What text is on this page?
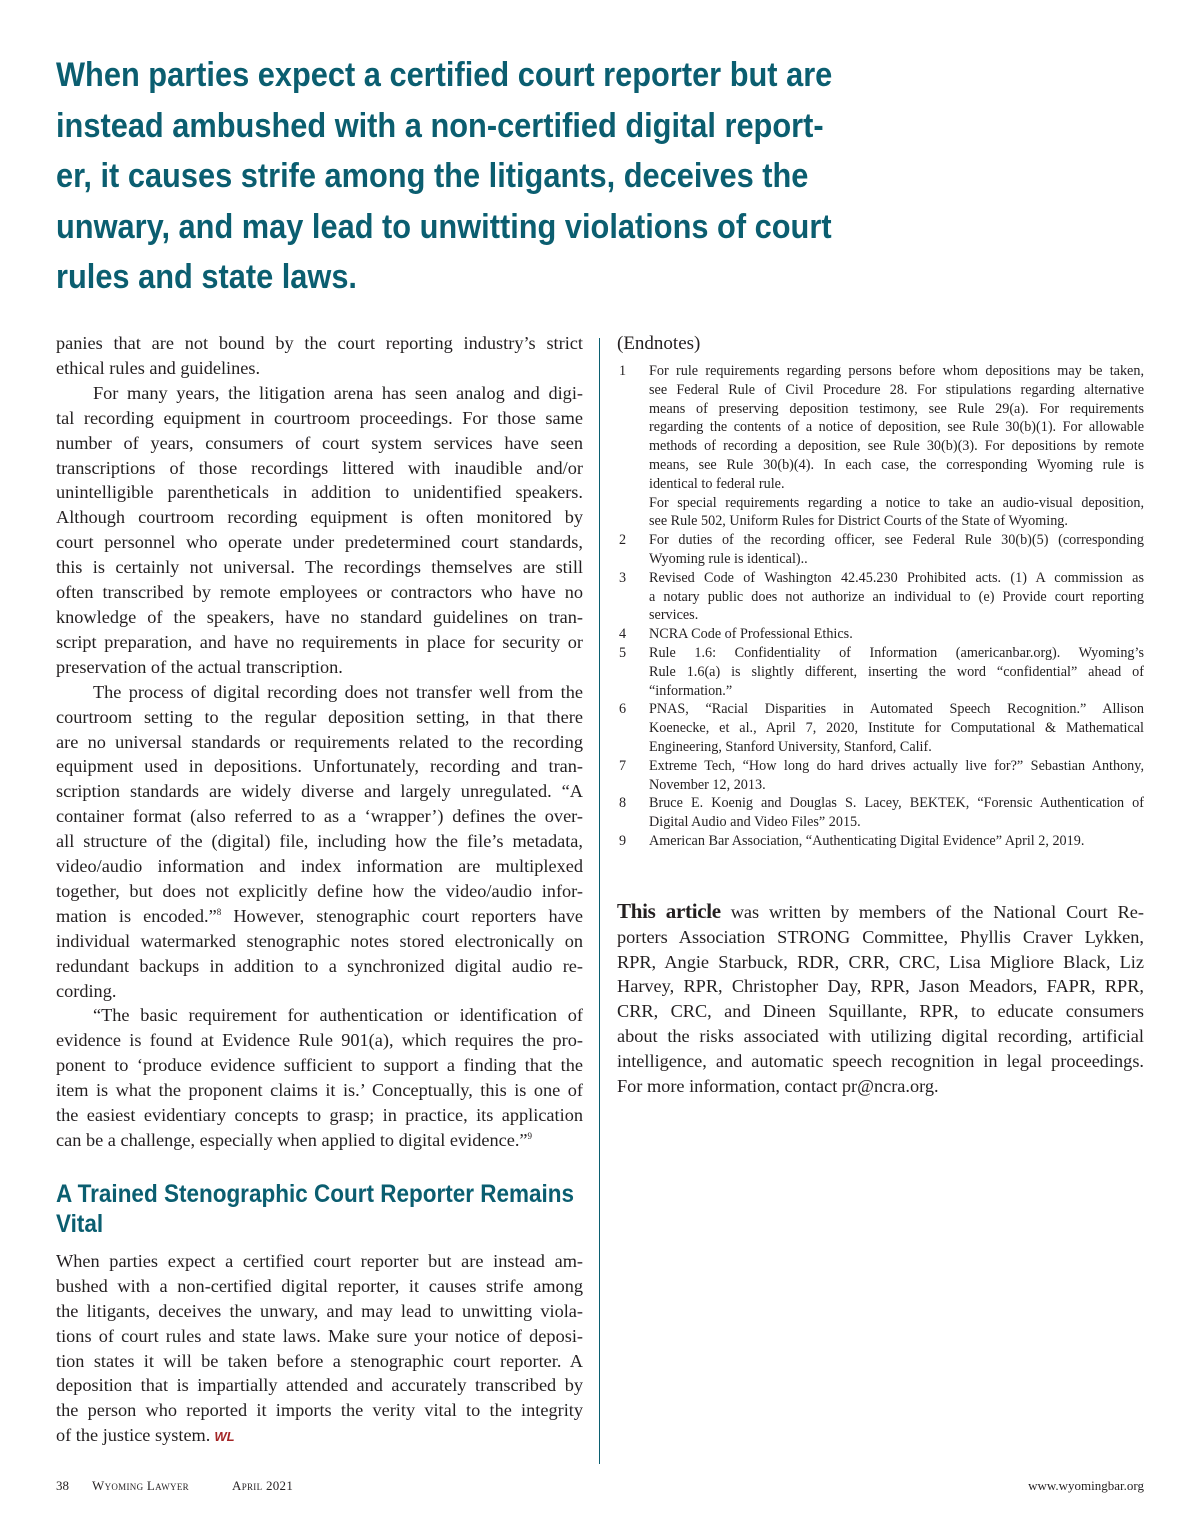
When parties expect a certified court reporter but are
instead ambushed with a non-certified digital report-
er, it causes strife among the litigants, deceives the
unwary, and may lead to unwitting violations of court
rules and state laws.
panies that are not bound by the court reporting industry’s strict
ethical rules and guidelines.
For many years, the litigation arena has seen analog and digi-
tal recording equipment in courtroom proceedings. For those same
number of years, consumers of court system services have seen
transcriptions of those recordings littered with inaudible and/or
unintelligible parentheticals in addition to unidentified speakers.
Although courtroom recording equipment is often monitored by
court personnel who operate under predetermined court standards,
this is certainly not universal. The recordings themselves are still
often transcribed by remote employees or contractors who have no
knowledge of the speakers, have no standard guidelines on tran-
script preparation, and have no requirements in place for security or
preservation of the actual transcription.
The process of digital recording does not transfer well from the
courtroom setting to the regular deposition setting, in that there
are no universal standards or requirements related to the recording
equipment used in depositions. Unfortunately, recording and tran-
scription standards are widely diverse and largely unregulated. “A
container format (also referred to as a ‘wrapper’) defines the over-
all structure of the (digital) file, including how the file’s metadata,
video/audio information and index information are multiplexed
together, but does not explicitly define how the video/audio infor-
mation is encoded.”$^8$ However, stenographic court reporters have
individual watermarked stenographic notes stored electronically on
redundant backups in addition to a synchronized digital audio re-
cording.
“The basic requirement for authentication or identification of
evidence is found at Evidence Rule 901(a), which requires the pro-
ponent to ‘produce evidence sufficient to support a finding that the
item is what the proponent claims it is.’ Conceptually, this is one of
the easiest evidentiary concepts to grasp; in practice, its application
can be a challenge, especially when applied to digital evidence.”$^9$
A Trained Stenographic Court Reporter Remains
Vital
When parties expect a certified court reporter but are instead am-
bushed with a non-certified digital reporter, it causes strife among
the litigants, deceives the unwary, and may lead to unwitting viola-
tions of court rules and state laws. Make sure your notice of deposi-
tion states it will be taken before a stenographic court reporter. A
deposition that is impartially attended and accurately transcribed by
the person who reported it imports the verity vital to the integrity
of the justice system. WL
(Endnotes)
1 For rule requirements regarding persons before whom depositions may be taken,
see Federal Rule of Civil Procedure 28. For stipulations regarding alternative
means of preserving deposition testimony, see Rule 29(a). For requirements
regarding the contents of a notice of deposition, see Rule 30(b)(1). For allowable
methods of recording a deposition, see Rule 30(b)(3). For depositions by remote
means, see Rule 30(b)(4). In each case, the corresponding Wyoming rule is
identical to federal rule.
For special requirements regarding a notice to take an audio-visual deposition,
see Rule 502, Uniform Rules for District Courts of the State of Wyoming.
2 For duties of the recording officer, see Federal Rule 30(b)(5) (corresponding
Wyoming rule is identical)..
3 Revised Code of Washington 42.45.230 Prohibited acts. (1) A commission as
a notary public does not authorize an individual to (e) Provide court reporting
services.
4 NCRA Code of Professional Ethics.
5 Rule 1.6: Confidentiality of Information (americanbar.org). Wyoming’s
Rule 1.6(a) is slightly different, inserting the word “confidential” ahead of
“information.”
6 PNAS, “Racial Disparities in Automated Speech Recognition.” Allison
Koenecke, et al., April 7, 2020, Institute for Computational & Mathematical
Engineering, Stanford University, Stanford, Calif.
7 Extreme Tech, “How long do hard drives actually live for?” Sebastian Anthony,
November 12, 2013.
8 Bruce E. Koenig and Douglas S. Lacey, BEKTEK, “Forensic Authentication of
Digital Audio and Video Files” 2015.
9 American Bar Association, “Authenticating Digital Evidence” April 2, 2019.
This article was written by members of the National Court Re-
porters Association STRONG Committee, Phyllis Craver Lykken,
RPR, Angie Starbuck, RDR, CRR, CRC, Lisa Migliore Black, Liz
Harvey, RPR, Christopher Day, RPR, Jason Meadors, FAPR, RPR,
CRR, CRC, and Dineen Squillante, RPR, to educate consumers
about the risks associated with utilizing digital recording, artificial
intelligence, and automatic speech recognition in legal proceedings.
For more information, contact pr@ncra.org.
38 Wyoming Lawyer	April 2021	www.wyomingbar.org
